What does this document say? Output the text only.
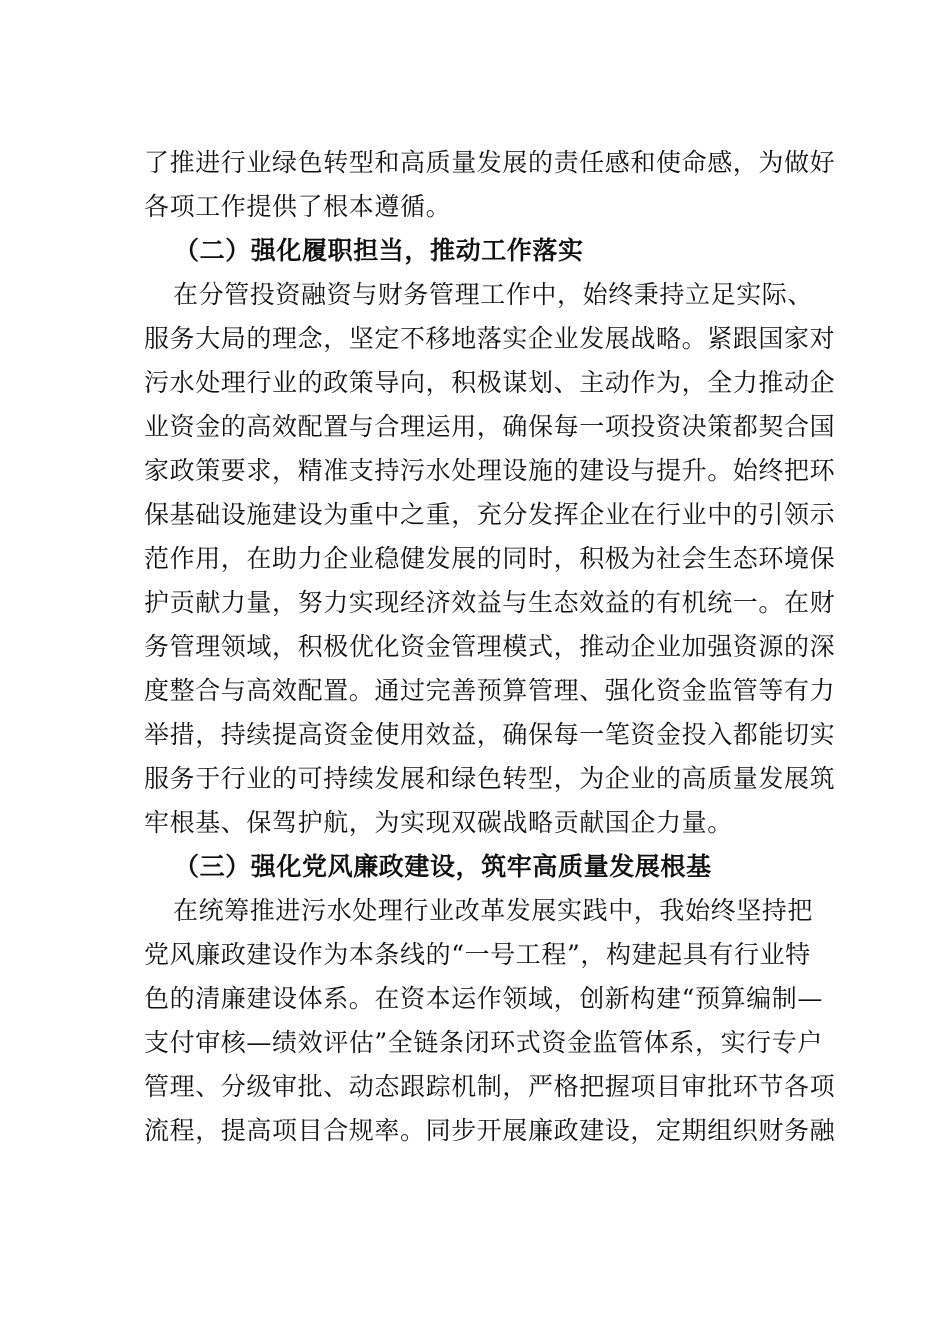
了推进行业绿色转型和高质量发展的责任感和使命感，为做好
各项工作提供了根本遵循。
（二）强化履职担当，推动工作落实
在分管投资融资与财务管理工作中，始终秉持立足实际、
服务大局的理念，坚定不移地落实企业发展战略。紧跟国家对
污水处理行业的政策导向，积极谋划、主动作为，全力推动企
业资金的高效配置与合理运用，确保每一项投资决策都契合国
家政策要求，精准支持污水处理设施的建设与提升。始终把环
保基础设施建设为重中之重，充分发挥企业在行业中的引领示
范作用，在助力企业稳健发展的同时，积极为社会生态环境保
护贡献力量，努力实现经济效益与生态效益的有机统一。在财
务管理领域，积极优化资金管理模式，推动企业加强资源的深
度整合与高效配置。通过完善预算管理、强化资金监管等有力
举措，持续提高资金使用效益，确保每一笔资金投入都能切实
服务于行业的可持续发展和绿色转型，为企业的高质量发展筑
牢根基、保驾护航，为实现双碳战略贡献国企力量。
（三）强化党风廉政建设，筑牢高质量发展根基
在统筹推进污水处理行业改革发展实践中，我始终坚持把
党风廉政建设作为本条线的“一号工程”，构建起具有行业特
色的清廉建设体系。在资本运作领域，创新构建“预算编制—
支付审核—绩效评估”全链条闭环式资金监管体系，实行专户
管理、分级审批、动态跟踪机制，严格把握项目审批环节各项
流程，提高项目合规率。同步开展廉政建设，定期组织财务融
